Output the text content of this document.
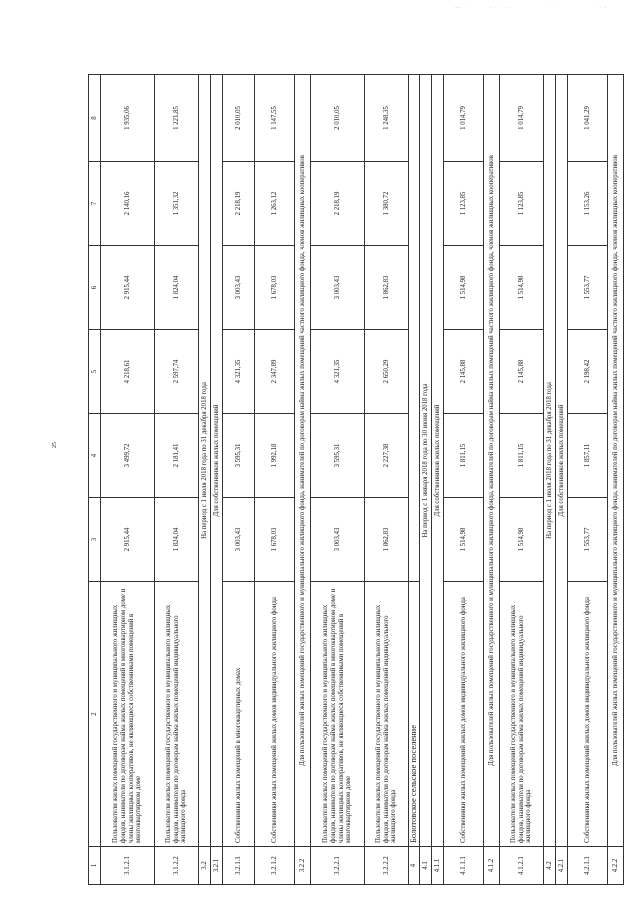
— ·	· · · · ·	· ·	· · ·
25
1	2	3	4	5	6	7	8
3.1.2.1	Пользователи жилых помещений государственного и муниципального жилищных фондов, наниматели по договорам найма жилых помещений в многоквартирном доме и члены жилищных кооперативов, не являющиеся собственниками помещений в многоквартирном доме	2 915,44	3 499,72	4 218,61	2 915,44	2 140,16	1 935,06
3.1.2.2	Пользователи жилых помещений государственного и муниципального жилищных фондов, наниматели по договорам найма жилых помещений индивидуального жилищного фонда	1 824,04	2 181,41	2 597,74	1 824,04	1 351,32	1 221,85
3.2	На период с 1 июля 2018 года по 31 декабря 2018 года						
3.2.1	Для собственников жилых помещений						
3.2.1.1	Собственники жилых помещений в многоквартирных домах	3 003,43	3 595,31	4 321,35	3 003,43	2 218,19	2 010,05
3.2.1.2	Собственники жилых помещений жилых домов индивидуального жилищного фонда	1 678,03	1 992,18	2 347,89	1 678,03	1 263,12	1 147,55
3.2.2	Для пользователей жилых помещений государственного и муниципального жилищного фонда, нанимателей по договорам найма жилых помещений частного жилищного фонда, членов жилищных кооперативов						
3.2.2.1	Пользователи жилых помещений государственного и муниципального жилищных фондов, наниматели по договорам найма жилых помещений в многоквартирном доме и члены жилищных кооперативов, не являющиеся собственниками помещений в многоквартирном доме	3 003,43	3 595,31	4 321,35	3 003,43	2 218,19	2 010,05
3.2.2.2	Пользователи жилых помещений государственного и муниципального жилищных фондов, наниматели по договорам найма жилых помещений индивидуального жилищного фонда	1 862,83	2 227,38	2 650,29	1 862,83	1 380,72	1 248,35
4	Болотовское сельское поселение						
4.1	На период с 1 января 2018 года по 30 июня 2018 года						
4.1.1	Для собственников жилых помещений						
4.1.1.1	Собственники жилых помещений жилых домов индивидуального жилищного фонда	1 514,98	1 811,15	2 145,88	1 514,98	1 123,85	1 014,79
4.1.2	Для пользователей жилых помещений государственного и муниципального жилищного фонда, нанимателей по договорам найма жилых помещений частного жилищного фонда, членов жилищных кооперативов						
4.1.2.1	Пользователи жилых помещений государственного и муниципального жилищных фондов, наниматели по договорам найма жилых помещений индивидуального жилищного фонда	1 514,98	1 811,15	2 145,88	1 514,98	1 123,85	1 014,79
4.2	На период с 1 июля 2018 года по 31 декабря 2018 года						
4.2.1	Для собственников жилых помещений						
4.2.1.1	Собственники жилых помещений жилых домов индивидуального жилищного фонда	1 553,77	1 857,11	2 198,42	1 553,77	1 153,26	1 041,29
4.2.2	Для пользователей жилых помещений государственного и муниципального жилищного фонда, нанимателей по договорам найма жилых помещений частного жилищного фонда, членов жилищных кооперативов						
